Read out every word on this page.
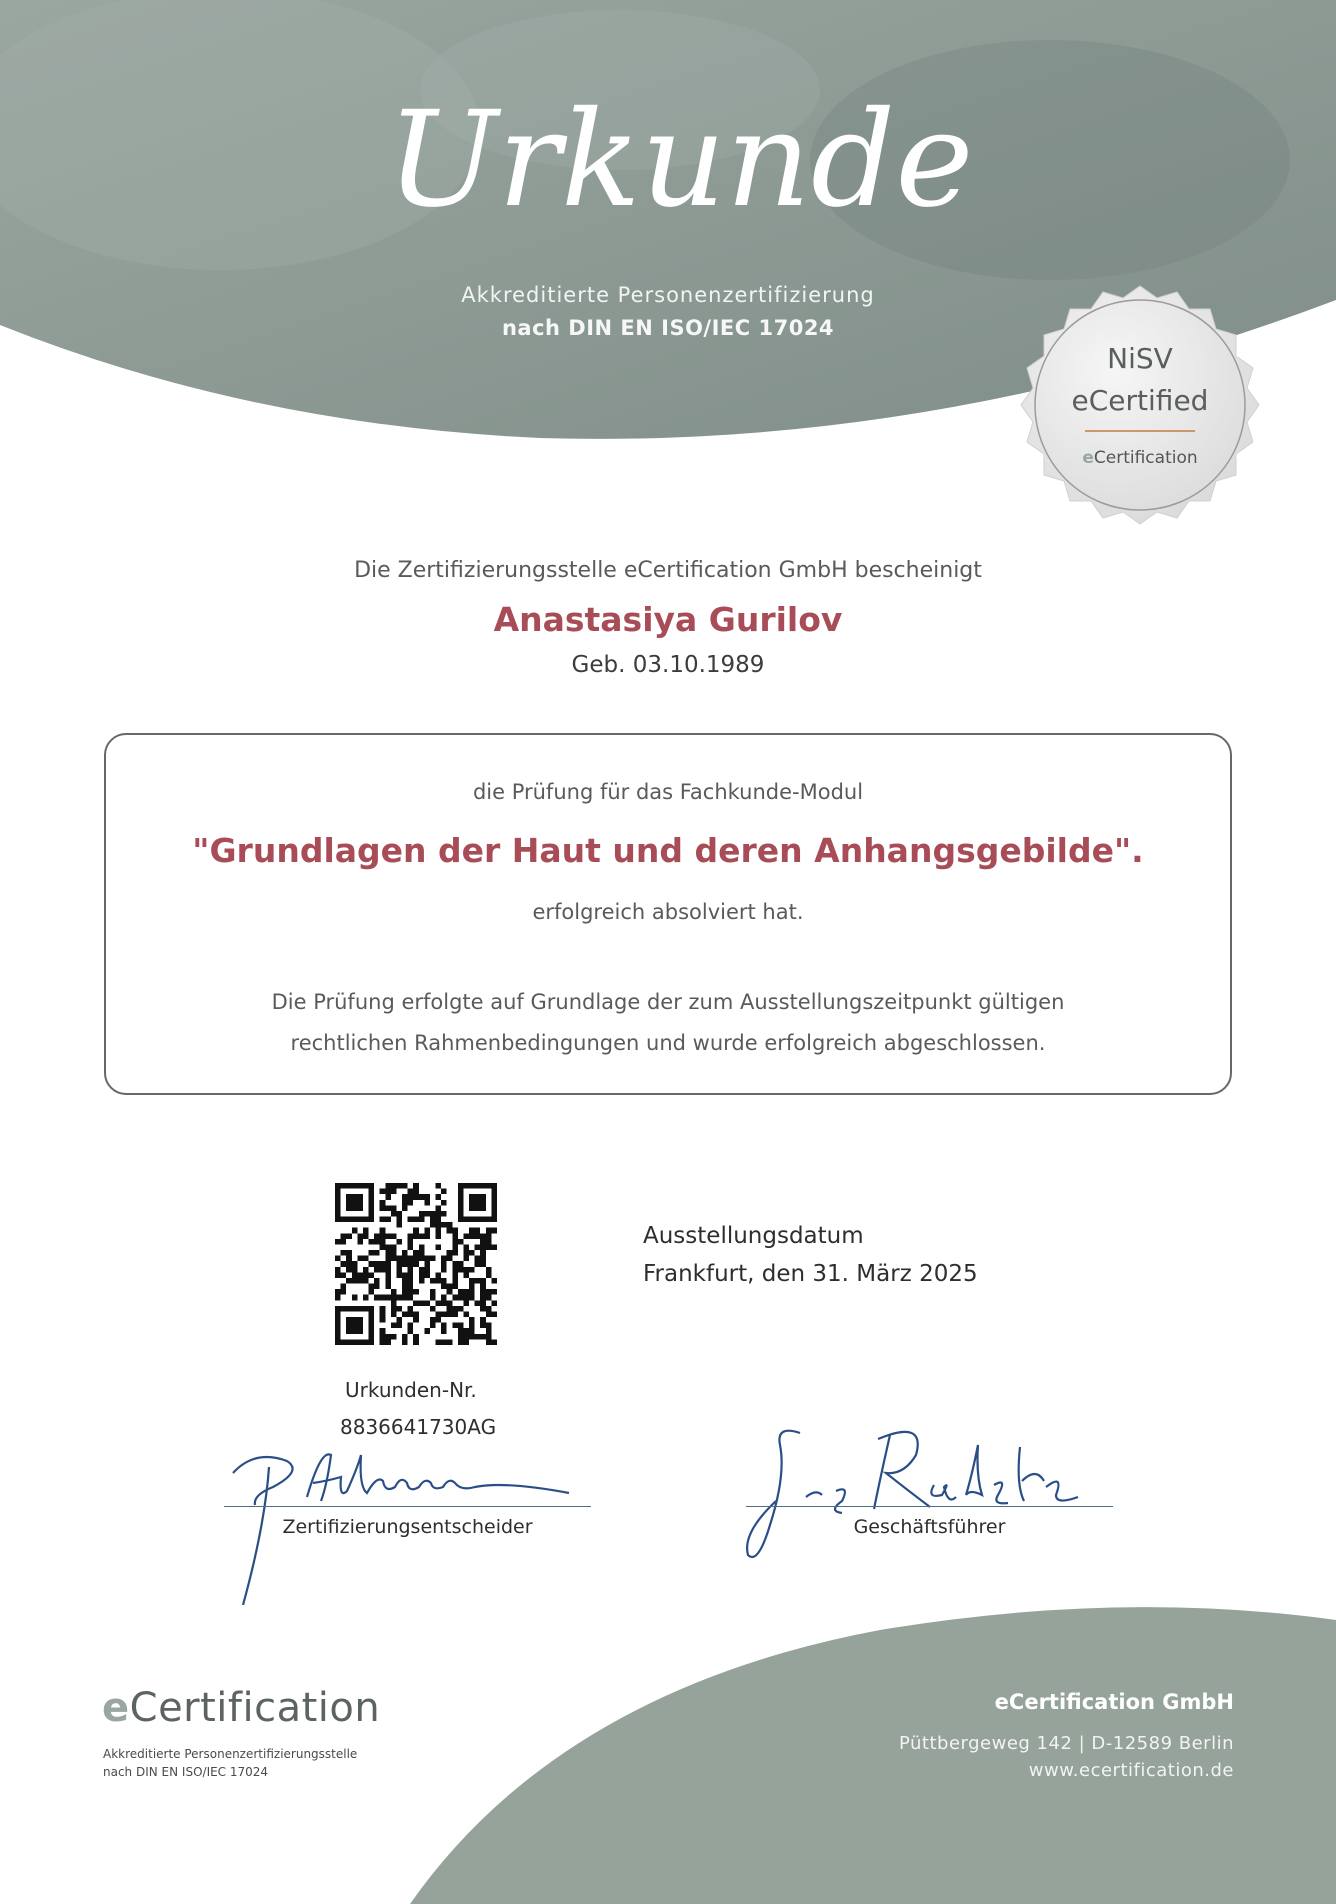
Urkunde
Akkreditierte Personenzertifizierung
nach DIN EN ISO/IEC 17024
NiSV
eCertified
eCertification
Die Zertifizierungsstelle eCertification GmbH bescheinigt
Anastasiya Gurilov
Geb. 03.10.1989
die Prüfung für das Fachkunde-Modul
"Grundlagen der Haut und deren Anhangsgebilde".
erfolgreich absolviert hat.
Die Prüfung erfolgte auf Grundlage der zum Ausstellungszeitpunkt gültigen
rechtlichen Rahmenbedingungen und wurde erfolgreich abgeschlossen.
Urkunden-Nr.
8836641730AG
Ausstellungsdatum
Frankfurt, den 31. März 2025
Zertifizierungsentscheider	Geschäftsführer
eCertification
Akkreditierte Personenzertifizierungsstelle
nach DIN EN ISO/IEC 17024
eCertification GmbH
Püttbergeweg 142 | D-12589 Berlin
www.ecertification.de
